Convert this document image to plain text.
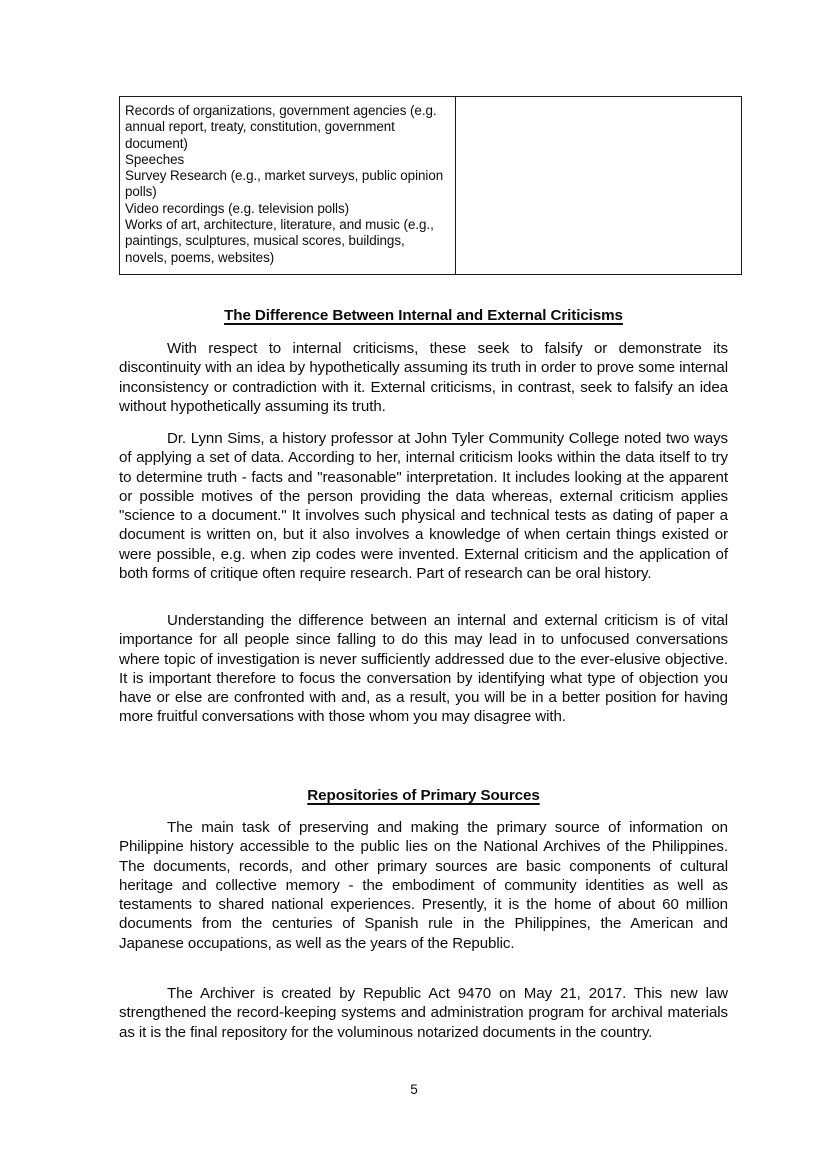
Records of organizations, government agencies (e.g. annual report, treaty, constitution, government document)
Speeches
Survey Research (e.g., market surveys, public opinion polls)
Video recordings (e.g. television polls)
Works of art, architecture, literature, and music (e.g., paintings, sculptures, musical scores, buildings, novels, poems, websites)

The Difference Between Internal and External Criticisms
With respect to internal criticisms, these seek to falsify or demonstrate its discontinuity with an idea by hypothetically assuming its truth in order to prove some internal inconsistency or contradiction with it. External criticisms, in contrast, seek to falsify an idea without hypothetically assuming its truth.
Dr. Lynn Sims, a history professor at John Tyler Community College noted two ways of applying a set of data. According to her, internal criticism looks within the data itself to try to determine truth - facts and "reasonable" interpretation. It includes looking at the apparent or possible motives of the person providing the data whereas, external criticism applies "science to a document." It involves such physical and technical tests as dating of paper a document is written on, but it also involves a knowledge of when certain things existed or were possible, e.g. when zip codes were invented. External criticism and the application of both forms of critique often require research. Part of research can be oral history.
Understanding the difference between an internal and external criticism is of vital importance for all people since falling to do this may lead in to unfocused conversations where topic of investigation is never sufficiently addressed due to the ever-elusive objective. It is important therefore to focus the conversation by identifying what type of objection you have or else are confronted with and, as a result, you will be in a better position for having more fruitful conversations with those whom you may disagree with.
Repositories of Primary Sources
The main task of preserving and making the primary source of information on Philippine history accessible to the public lies on the National Archives of the Philippines. The documents, records, and other primary sources are basic components of cultural heritage and collective memory - the embodiment of community identities as well as testaments to shared national experiences. Presently, it is the home of about 60 million documents from the centuries of Spanish rule in the Philippines, the American and Japanese occupations, as well as the years of the Republic.
The Archiver is created by Republic Act 9470 on May 21, 2017. This new law strengthened the record-keeping systems and administration program for archival materials as it is the final repository for the voluminous notarized documents in the country.
5
